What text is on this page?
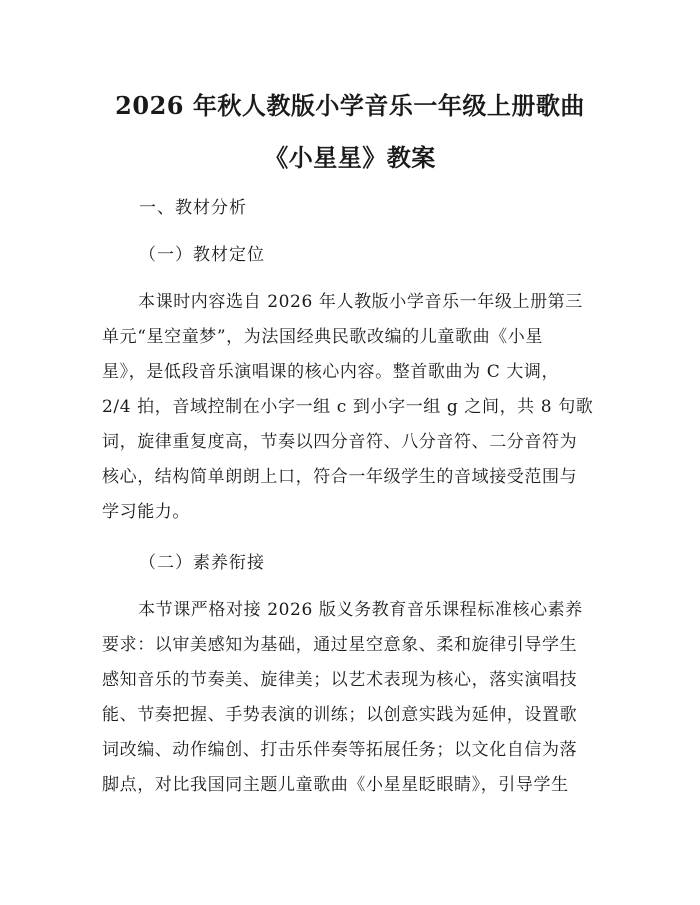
2026 年秋人教版小学音乐一年级上册歌曲
《小星星》教案
一、教材分析
（一）教材定位
本课时内容选自 2026 年人教版小学音乐一年级上册第三
单元“星空童梦”，为法国经典民歌改编的儿童歌曲《小星
星》，是低段音乐演唱课的核心内容。整首歌曲为 C 大调，
2/4 拍，音域控制在小字一组 c 到小字一组 g 之间，共 8 句歌
词，旋律重复度高，节奏以四分音符、八分音符、二分音符为
核心，结构简单朗朗上口，符合一年级学生的音域接受范围与
学习能力。
（二）素养衔接
本节课严格对接 2026 版义务教育音乐课程标准核心素养
要求：以审美感知为基础，通过星空意象、柔和旋律引导学生
感知音乐的节奏美、旋律美；以艺术表现为核心，落实演唱技
能、节奏把握、手势表演的训练；以创意实践为延伸，设置歌
词改编、动作编创、打击乐伴奏等拓展任务；以文化自信为落
脚点，对比我国同主题儿童歌曲《小星星眨眼睛》，引导学生
